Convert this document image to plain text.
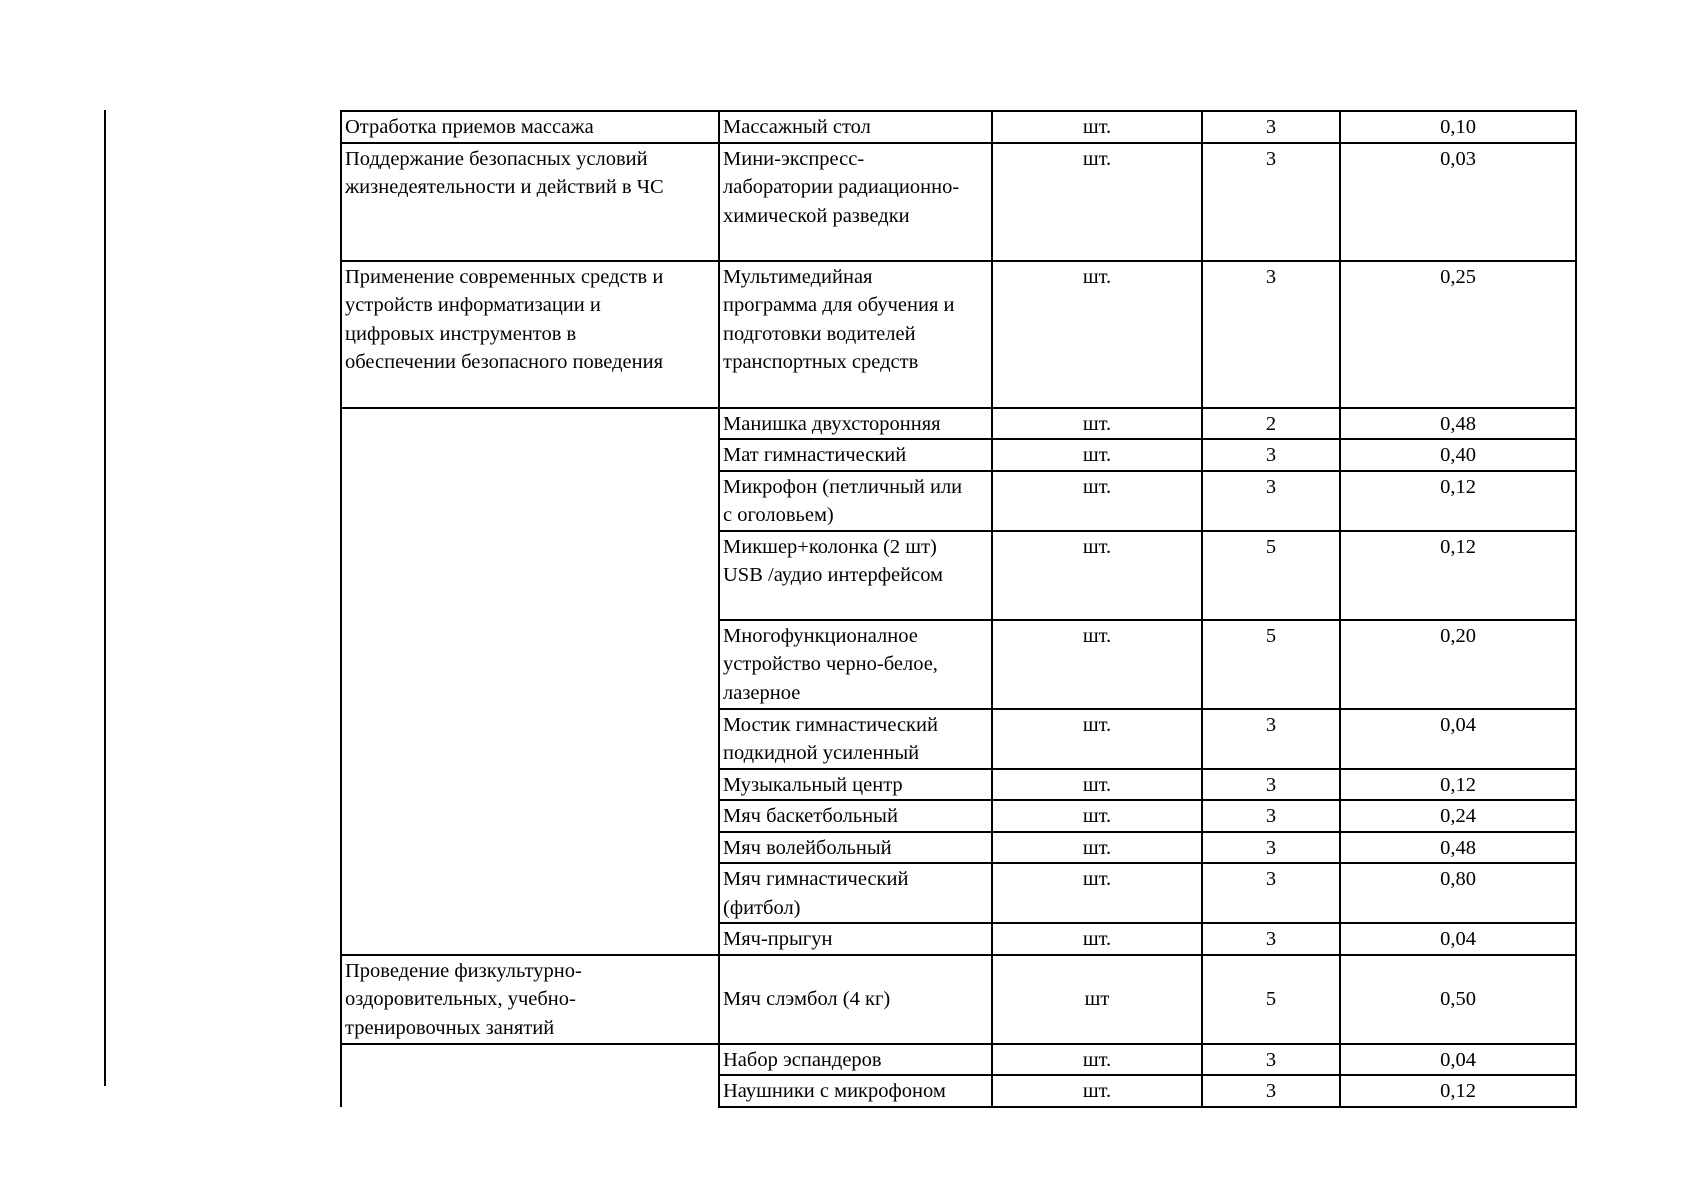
Отработка приемов массажа	Массажный стол	шт.	3	0,10

Поддержание безопасных условий
жизнедеятельности и действий в ЧС	Мини-экспресс-
лаборатории радиационно-
химической разведки	шт.	3	0,03

Применение современных средств и
устройств информатизации и
цифровых инструментов в
обеспечении безопасного поведения	Мультимедийная
программа для обучения и
подготовки водителей
транспортных средств	шт.	3	0,25

	Манишка двухсторонняя	шт.	2	0,48

	Мат гимнастический	шт.	3	0,40

	Микрофон (петличный или
с оголовьем)	шт.	3	0,12

	Микшер+колонка (2 шт)
USB /аудио интерфейсом	шт.	5	0,12

	Многофункционалное
устройство черно-белое,
лазерное	шт.	5	0,20

	Мостик гимнастический
подкидной усиленный	шт.	3	0,04

	Музыкальный центр	шт.	3	0,12

	Мяч баскетбольный	шт.	3	0,24

	Мяч волейбольный	шт.	3	0,48

	Мяч гимнастический
(фитбол)	шт.	3	0,80

	Мяч-прыгун	шт.	3	0,04

Проведение физкультурно-
оздоровительных, учебно-
тренировочных занятий	Мяч слэмбол (4 кг)	шт	5	0,50

	Набор эспандеров	шт.	3	0,04

	Наушники с микрофоном	шт.	3	0,12
